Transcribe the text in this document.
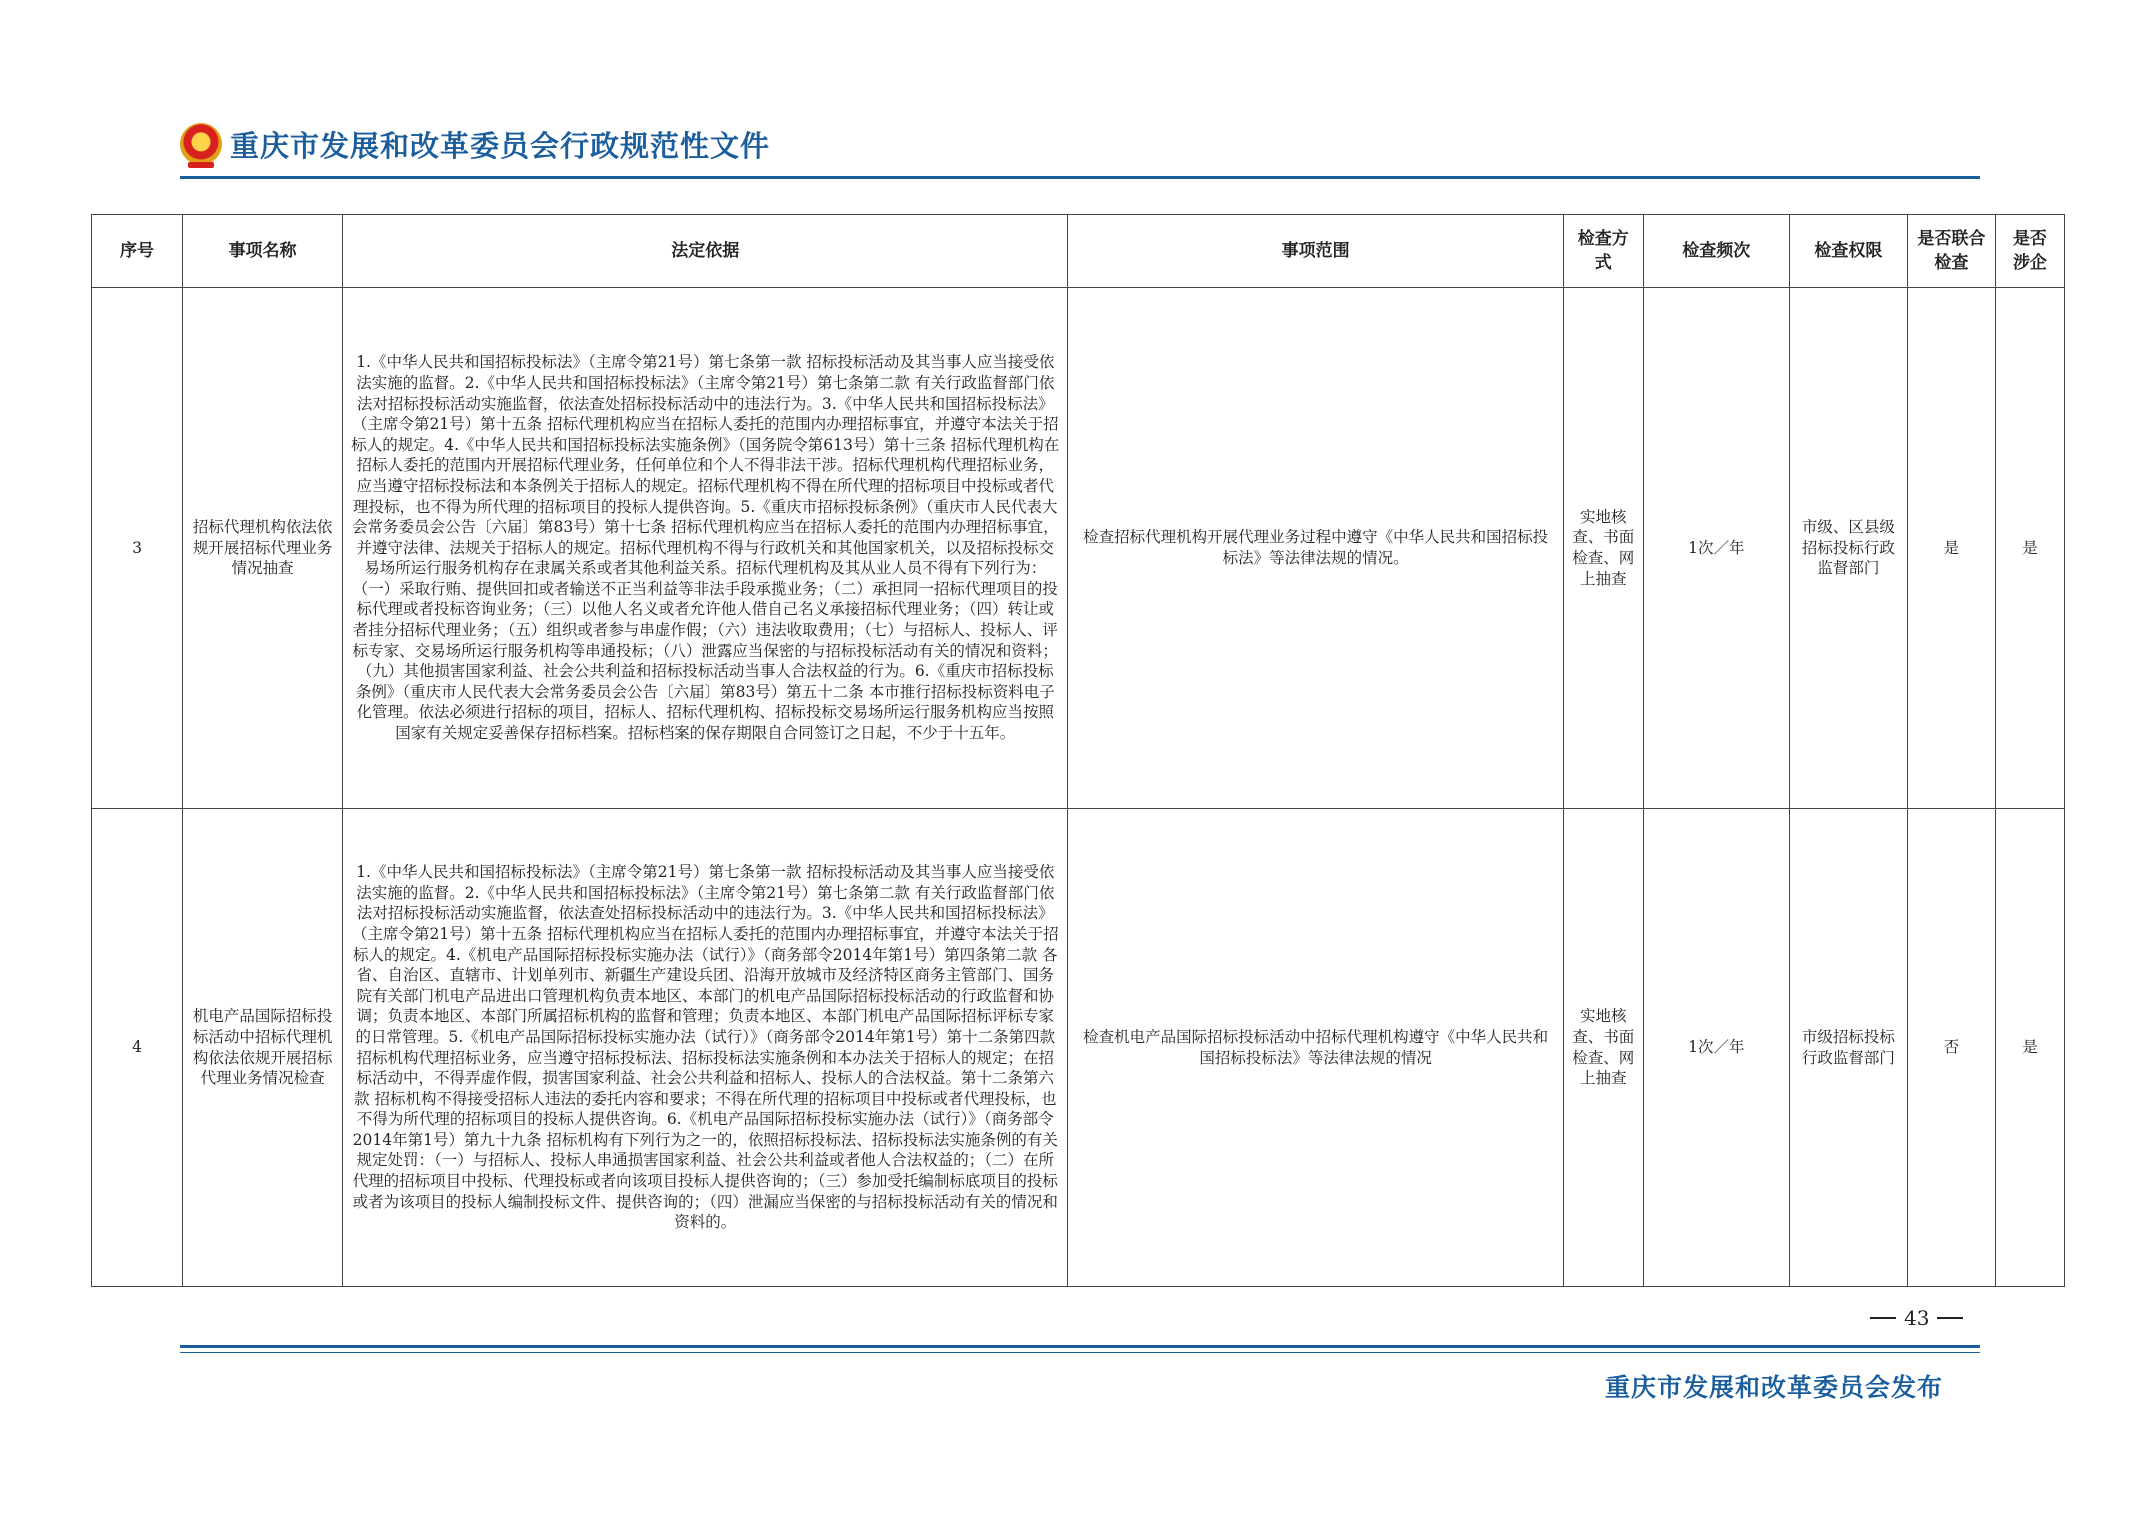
重庆市发展和改革委员会行政规范性文件
序号	事项名称	法定依据	事项范围	检查方式	检查频次	检查权限	是否联合检查	是否涉企
3	招标代理机构依法依规开展招标代理业务情况抽查	1.《中华人民共和国招标投标法》（主席令第21号）第七条第一款 招标投标活动及其当事人应当接受依法实施的监督。2.《中华人民共和国招标投标法》（主席令第21号）第七条第二款 有关行政监督部门依法对招标投标活动实施监督，依法查处招标投标活动中的违法行为。3.《中华人民共和国招标投标法》（主席令第21号）第十五条 招标代理机构应当在招标人委托的范围内办理招标事宜，并遵守本法关于招标人的规定。4.《中华人民共和国招标投标法实施条例》（国务院令第613号）第十三条 招标代理机构在招标人委托的范围内开展招标代理业务，任何单位和个人不得非法干涉。招标代理机构代理招标业务，应当遵守招标投标法和本条例关于招标人的规定。招标代理机构不得在所代理的招标项目中投标或者代理投标，也不得为所代理的招标项目的投标人提供咨询。5.《重庆市招标投标条例》（重庆市人民代表大会常务委员会公告〔六届〕第83号）第十七条 招标代理机构应当在招标人委托的范围内办理招标事宜，并遵守法律、法规关于招标人的规定。招标代理机构不得与行政机关和其他国家机关，以及招标投标交易场所运行服务机构存在隶属关系或者其他利益关系。招标代理机构及其从业人员不得有下列行为：（一）采取行贿、提供回扣或者输送不正当利益等非法手段承揽业务；（二）承担同一招标代理项目的投标代理或者投标咨询业务；（三）以他人名义或者允许他人借自己名义承接招标代理业务；（四）转让或者挂分招标代理业务；（五）组织或者参与串虚作假；（六）违法收取费用；（七）与招标人、投标人、评标专家、交易场所运行服务机构等串通投标；（八）泄露应当保密的与招标投标活动有关的情况和资料；（九）其他损害国家利益、社会公共利益和招标投标活动当事人合法权益的行为。6.《重庆市招标投标条例》（重庆市人民代表大会常务委员会公告〔六届〕第83号）第五十二条 本市推行招标投标资料电子化管理。依法必须进行招标的项目，招标人、招标代理机构、招标投标交易场所运行服务机构应当按照国家有关规定妥善保存招标档案。招标档案的保存期限自合同签订之日起，不少于十五年。	检查招标代理机构开展代理业务过程中遵守《中华人民共和国招标投标法》等法律法规的情况。	实地核查、书面检查、网上抽查	1次／年	市级、区县级招标投标行政监督部门	是	是
4	机电产品国际招标投标活动中招标代理机构依法依规开展招标代理业务情况检查	1.《中华人民共和国招标投标法》（主席令第21号）第七条第一款 招标投标活动及其当事人应当接受依法实施的监督。2.《中华人民共和国招标投标法》（主席令第21号）第七条第二款 有关行政监督部门依法对招标投标活动实施监督，依法查处招标投标活动中的违法行为。3.《中华人民共和国招标投标法》（主席令第21号）第十五条 招标代理机构应当在招标人委托的范围内办理招标事宜，并遵守本法关于招标人的规定。4.《机电产品国际招标投标实施办法（试行）》（商务部令2014年第1号）第四条第二款 各省、自治区、直辖市、计划单列市、新疆生产建设兵团、沿海开放城市及经济特区商务主管部门、国务院有关部门机电产品进出口管理机构负责本地区、本部门的机电产品国际招标投标活动的行政监督和协调；负责本地区、本部门所属招标机构的监督和管理；负责本地区、本部门机电产品国际招标评标专家的日常管理。5.《机电产品国际招标投标实施办法（试行）》（商务部令2014年第1号）第十二条第四款 招标机构代理招标业务，应当遵守招标投标法、招标投标法实施条例和本办法关于招标人的规定；在招标活动中，不得弄虚作假，损害国家利益、社会公共利益和招标人、投标人的合法权益。第十二条第六款 招标机构不得接受招标人违法的委托内容和要求；不得在所代理的招标项目中投标或者代理投标，也不得为所代理的招标项目的投标人提供咨询。6.《机电产品国际招标投标实施办法（试行）》（商务部令2014年第1号）第九十九条 招标机构有下列行为之一的，依照招标投标法、招标投标法实施条例的有关规定处罚：（一）与招标人、投标人串通损害国家利益、社会公共利益或者他人合法权益的；（二）在所代理的招标项目中投标、代理投标或者向该项目投标人提供咨询的；（三）参加受托编制标底项目的投标或者为该项目的投标人编制投标文件、提供咨询的；（四）泄漏应当保密的与招标投标活动有关的情况和资料的。	检查机电产品国际招标投标活动中招标代理机构遵守《中华人民共和国招标投标法》等法律法规的情况	实地核查、书面检查、网上抽查	1次／年	市级招标投标行政监督部门	否	是
43
重庆市发展和改革委员会发布
